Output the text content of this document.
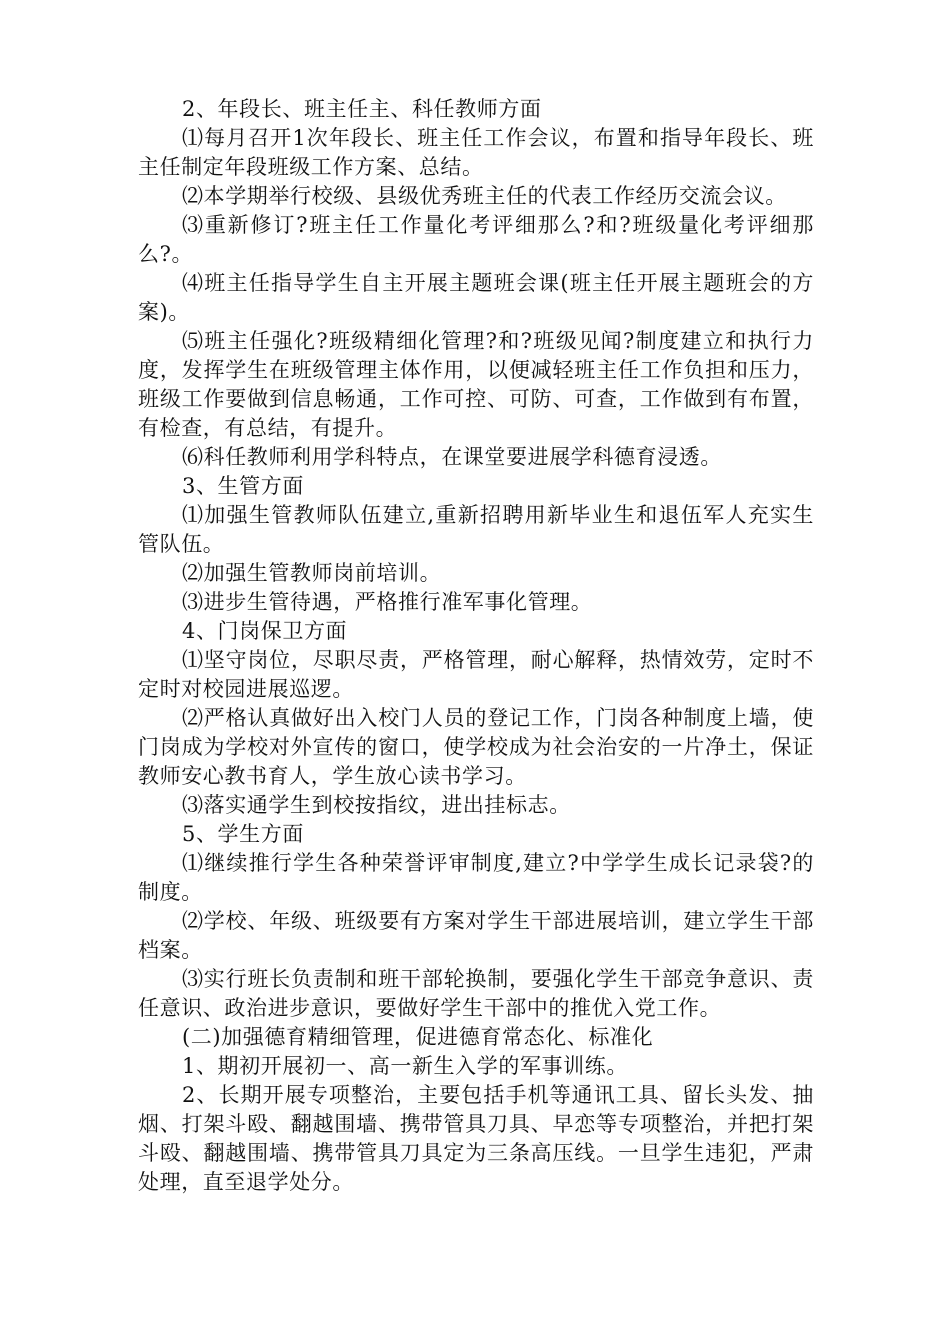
2、年段长、班主任主、科任教师方面

⑴每月召开1次年段长、班主任工作会议，布置和指导年段长、班主任制定年段班级工作方案、总结。

⑵本学期举行校级、县级优秀班主任的代表工作经历交流会议。

⑶重新修订?班主任工作量化考评细那么?和?班级量化考评细那么?。

⑷班主任指导学生自主开展主题班会课(班主任开展主题班会的方案)。

⑸班主任强化?班级精细化管理?和?班级见闻?制度建立和执行力度，发挥学生在班级管理主体作用，以便减轻班主任工作负担和压力，班级工作要做到信息畅通，工作可控、可防、可查，工作做到有布置，有检查，有总结，有提升。

⑹科任教师利用学科特点，在课堂要进展学科德育浸透。

3、生管方面

⑴加强生管教师队伍建立,重新招聘用新毕业生和退伍军人充实生管队伍。

⑵加强生管教师岗前培训。

⑶进步生管待遇，严格推行准军事化管理。

4、门岗保卫方面

⑴坚守岗位，尽职尽责，严格管理，耐心解释，热情效劳，定时不定时对校园进展巡逻。

⑵严格认真做好出入校门人员的登记工作，门岗各种制度上墙，使门岗成为学校对外宣传的窗口，使学校成为社会治安的一片净土，保证教师安心教书育人，学生放心读书学习。

⑶落实通学生到校按指纹，进出挂标志。

5、学生方面

⑴继续推行学生各种荣誉评审制度,建立?中学学生成长记录袋?的制度。

⑵学校、年级、班级要有方案对学生干部进展培训，建立学生干部档案。

⑶实行班长负责制和班干部轮换制，要强化学生干部竞争意识、责任意识、政治进步意识，要做好学生干部中的推优入党工作。

(二)加强德育精细管理，促进德育常态化、标准化

1、期初开展初一、高一新生入学的军事训练。

2、长期开展专项整治，主要包括手机等通讯工具、留长头发、抽烟、打架斗殴、翻越围墙、携带管具刀具、早恋等专项整治，并把打架斗殴、翻越围墙、携带管具刀具定为三条高压线。一旦学生违犯，严肃处理，直至退学处分。
